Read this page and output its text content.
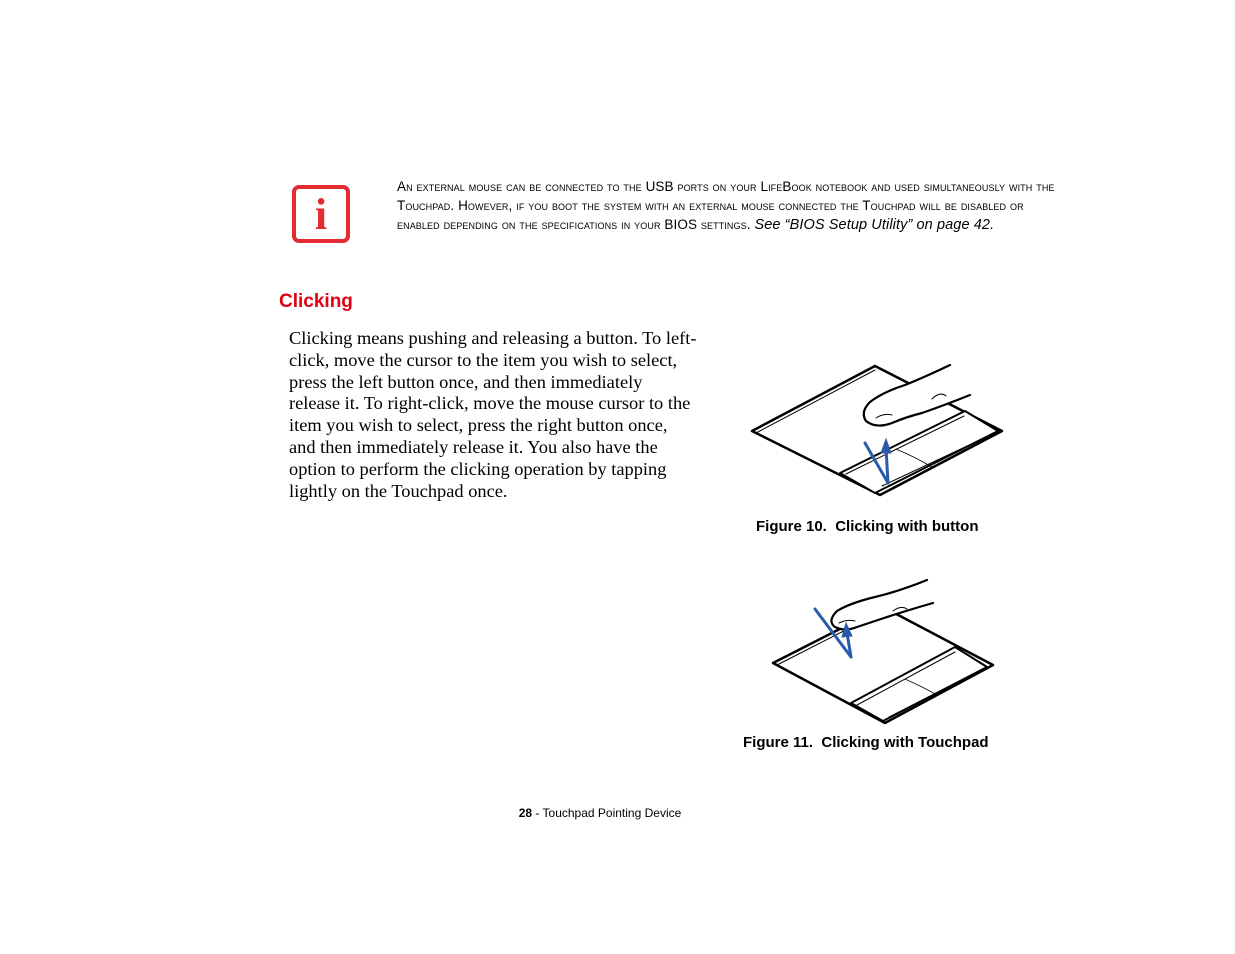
i

An external mouse can be connected to the USB ports on your LifeBook notebook and used simultaneously with the Touchpad. However, if you boot the system with an external mouse connected the Touchpad will be disabled or enabled depending on the specifications in your BIOS settings. See “BIOS Setup Utility” on page 42.

Clicking

Clicking means pushing and releasing a button. To left-click, move the cursor to the item you wish to select, press the left button once, and then immediately release it. To right-click, move the mouse cursor to the item you wish to select, press the right button once, and then immediately release it. You also have the option to perform the clicking operation by tapping lightly on the Touchpad once.

Figure 10.  Clicking with button

Figure 11.  Clicking with Touchpad

28 - Touchpad Pointing Device
